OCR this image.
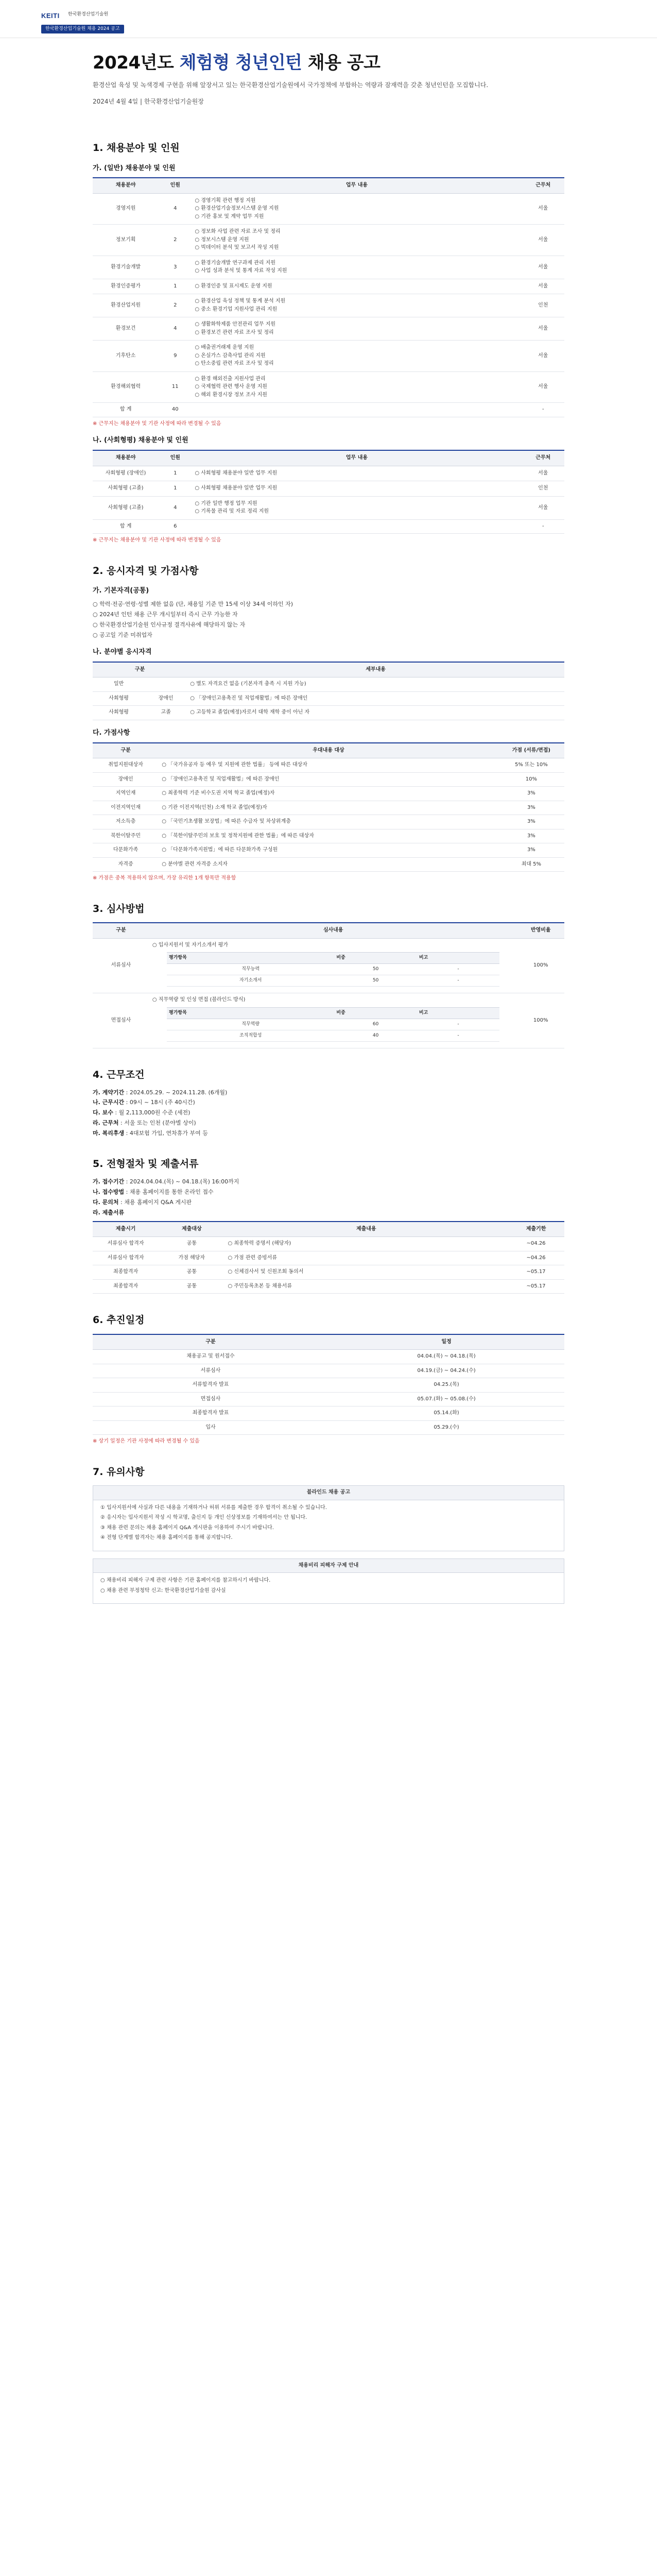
KEITI	한국환경산업기술원
한국환경산업기술원 채용 2024 공고
2024년도 체험형 청년인턴 채용 공고

환경산업 육성 및 녹색경제 구현을 위해 앞장서고 있는 한국환경산업기술원에서 국가정책에 부합하는 역량과 잠재력을 갖춘 청년인턴을 모집합니다.

2024년 4월 4일 | 한국환경산업기술원장
1. 채용분야 및 인원
가. (일반) 채용분야 및 인원
채용분야	인원	업무 내용	근무처
경영지원	4	○ 경영기획 관련 행정 지원
○ 환경산업기술정보시스템 운영 지원
○ 기관 홍보 및 계약 업무 지원	서울
정보기획	2	○ 정보화 사업 관련 자료 조사 및 정리
○ 정보시스템 운영 지원
○ 빅데이터 분석 및 보고서 작성 지원	서울
환경기술개발	3	○ 환경기술개발 연구과제 관리 지원
○ 사업 성과 분석 및 통계 자료 작성 지원	서울
환경인증평가	1	○ 환경인증 및 표시제도 운영 지원	서울
환경산업지원	2	○ 환경산업 육성 정책 및 통계 분석 지원
○ 중소 환경기업 지원사업 관리 지원	인천
환경보건	4	○ 생활화학제품 안전관리 업무 지원
○ 환경보건 관련 자료 조사 및 정리	서울
기후탄소	9	○ 배출권거래제 운영 지원
○ 온실가스 감축사업 관리 지원
○ 탄소중립 관련 자료 조사 및 정리	서울
환경해외협력	11	○ 환경 해외진출 지원사업 관리
○ 국제협력 관련 행사 운영 지원
○ 해외 환경시장 정보 조사 지원	서울
합 계	40		-
※ 근무지는 채용분야 및 기관 사정에 따라 변경될 수 있음
나. (사회형평) 채용분야 및 인원
채용분야	인원	업무 내용	근무처
사회형평 (장애인)	1	○ 사회형평 채용분야 일반 업무 지원	서울
사회형평 (고졸)	1	○ 사회형평 채용분야 일반 업무 지원	인천
사회형평 (고졸)	4	○ 기관 일반 행정 업무 지원
○ 기록물 관리 및 자료 정리 지원	서울
합 계	6		-
※ 근무지는 채용분야 및 기관 사정에 따라 변경될 수 있음
2. 응시자격 및 가점사항
가. 기본자격(공통)
○ 학력·전공·연령·성별 제한 없음 (단, 채용일 기준 만 15세 이상 34세 이하인 자)
○ 2024년 인턴 채용 근무 개시일부터 즉시 근무 가능한 자
○ 한국환경산업기술원 인사규정 결격사유에 해당하지 않는 자
○ 공고일 기준 미취업자
나. 분야별 응시자격
구분		세부내용
일반		○ 별도 자격요건 없음 (기본자격 충족 시 지원 가능)
사회형평	장애인	○ 「장애인고용촉진 및 직업재활법」에 따른 장애인
사회형평	고졸	○ 고등학교 졸업(예정)자로서 대학 재학 중이 아닌 자
다. 가점사항
구분	우대내용 대상	가점 (서류/면접)
취업지원대상자	○ 「국가유공자 등 예우 및 지원에 관한 법률」 등에 따른 대상자	5% 또는 10%
장애인	○ 「장애인고용촉진 및 직업재활법」에 따른 장애인	10%
지역인재	○ 최종학력 기준 비수도권 지역 학교 졸업(예정)자	3%
이전지역인재	○ 기관 이전지역(인천) 소재 학교 졸업(예정)자	3%
저소득층	○ 「국민기초생활 보장법」에 따른 수급자 및 차상위계층	3%
북한이탈주민	○ 「북한이탈주민의 보호 및 정착지원에 관한 법률」에 따른 대상자	3%
다문화가족	○ 「다문화가족지원법」에 따른 다문화가족 구성원	3%
자격증	○ 분야별 관련 자격증 소지자	최대 5%
※ 가점은 중복 적용하지 않으며, 가장 유리한 1개 항목만 적용함
3. 심사방법
구분	심사내용	반영비율
서류심사	
○ 입사지원서 및 자기소개서 평가
평가항목	비중	비고
직무능력	50	-
자기소개서	50	-
	100%
면접심사	
○ 직무역량 및 인성 면접 (블라인드 방식)
평가항목	비중	비고
직무역량	60	-
조직적합성	40	-
	100%
4. 근무조건
가. 계약기간 : 2024.05.29. ~ 2024.11.28. (6개월)
나. 근무시간 : 09시 ~ 18시 (주 40시간)
다. 보수 : 월 2,113,000원 수준 (세전)
라. 근무처 : 서울 또는 인천 (분야별 상이)
마. 복리후생 : 4대보험 가입, 연차휴가 부여 등
5. 전형절차 및 제출서류
가. 접수기간 : 2024.04.04.(목) ~ 04.18.(목) 16:00까지
나. 접수방법 : 채용 홈페이지를 통한 온라인 접수
다. 문의처 : 채용 홈페이지 Q&A 게시판
라. 제출서류
제출시기	제출대상	제출내용	제출기한
서류심사 합격자	공통	○ 최종학력 증명서 (해당자)	~04.26
서류심사 합격자	가점 해당자	○ 가점 관련 증빙서류	~04.26
최종합격자	공통	○ 신체검사서 및 신원조회 동의서	~05.17
최종합격자	공통	○ 주민등록초본 등 채용서류	~05.17
6. 추진일정
구분	일정
채용공고 및 원서접수	04.04.(목) ~ 04.18.(목)
서류심사	04.19.(금) ~ 04.24.(수)
서류합격자 발표	04.25.(목)
면접심사	05.07.(화) ~ 05.08.(수)
최종합격자 발표	05.14.(화)
입사	05.29.(수)
※ 상기 일정은 기관 사정에 따라 변경될 수 있음
7. 유의사항
블라인드 채용 공고

① 입사지원서에 사실과 다른 내용을 기재하거나 허위 서류를 제출한 경우 합격이 취소될 수 있습니다.

② 응시자는 입사지원서 작성 시 학교명, 출신지 등 개인 신상정보를 기재하여서는 안 됩니다.

③ 채용 관련 문의는 채용 홈페이지 Q&A 게시판을 이용하여 주시기 바랍니다.

④ 전형 단계별 합격자는 채용 홈페이지를 통해 공지합니다.

채용비리 피해자 구제 안내

○ 채용비리 피해자 구제 관련 사항은 기관 홈페이지를 참고하시기 바랍니다.

○ 채용 관련 부정청탁 신고: 한국환경산업기술원 감사실
